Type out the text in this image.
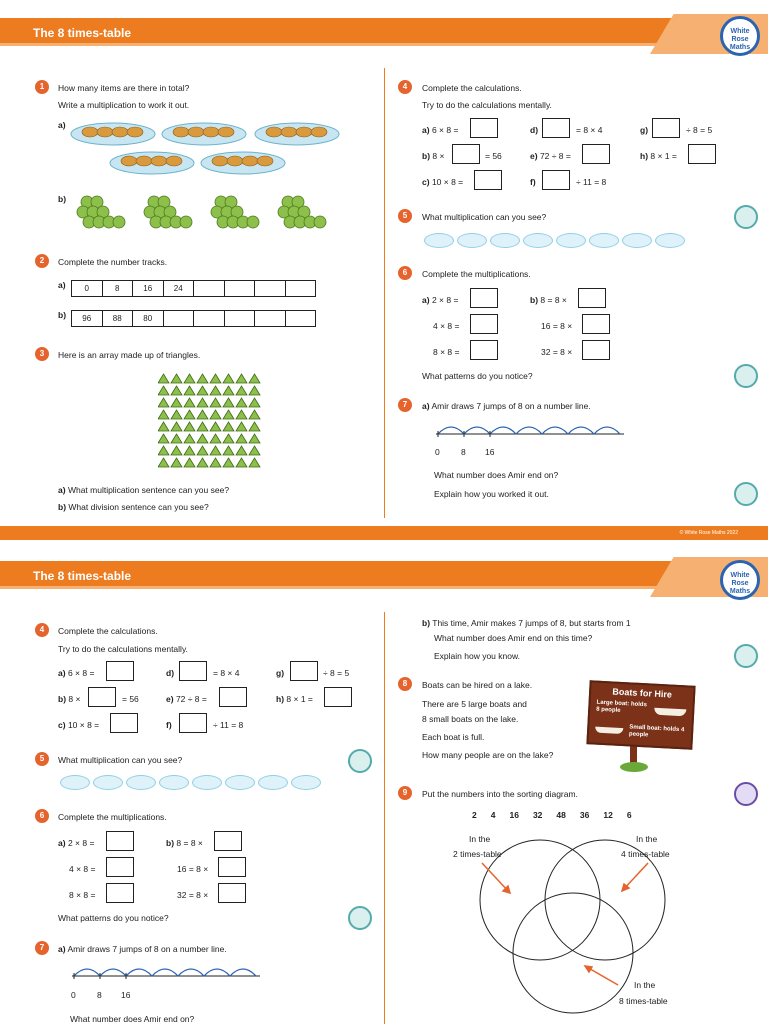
The 8 times-table	White Rose Maths
1	How many items are there in total?
Write a multiplication to work it out.
a)
b)
2	Complete the number tracks.
a)	0	8	16	24
b)	96	88	80
3	Here is an array made up of triangles.
a) What multiplication sentence can you see?
b) What division sentence can you see?
4	Complete the calculations.
Try to do the calculations mentally.
a) 6 × 8 =
b) 8 ×	= 56
c) 10 × 8 =
d)	= 8 × 4
e) 72 ÷ 8 =
f)	÷ 11 = 8
g)	÷ 8 = 5
h) 8 × 1 =
5	What multiplication can you see?
6	Complete the multiplications.
a) 2 × 8 =
4 × 8 =
8 × 8 =
b) 8 = 8 ×
16 = 8 ×
32 = 8 ×
What patterns do you notice?
7	a) Amir draws 7 jumps of 8 on a number line.
0	8 16
What number does Amir end on?
Explain how you worked it out.
© White Rose Maths 2022
The 8 times-table	White Rose Maths
4	Complete the calculations.
Try to do the calculations mentally.
a) 6 × 8 =
b) 8 ×	= 56
c) 10 × 8 =
d)	= 8 × 4
e) 72 ÷ 8 =
f)	÷ 11 = 8
g)	÷ 8 = 5
h) 8 × 1 =
5	What multiplication can you see?
6	Complete the multiplications.
a) 2 × 8 =
4 × 8 =
8 × 8 =
b) 8 = 8 ×
16 = 8 ×
32 = 8 ×
What patterns do you notice?
7	a) Amir draws 7 jumps of 8 on a number line.
0	8 16
What number does Amir end on?
b) This time, Amir makes 7 jumps of 8, but starts from 1
What number does Amir end on this time?
Explain how you know.
8	Boats can be hired on a lake.
There are 5 large boats and
8 small boats on the lake.
Each boat is full.
How many people are on the lake?
Boats for Hire
Large boat: holds 8 people
Small boat: holds 4 people
9	Put the numbers into the sorting diagram.
2 4 16 32 48 36 12 6
In the
2 times-table
In the
4 times-table
In the
8 times-table
